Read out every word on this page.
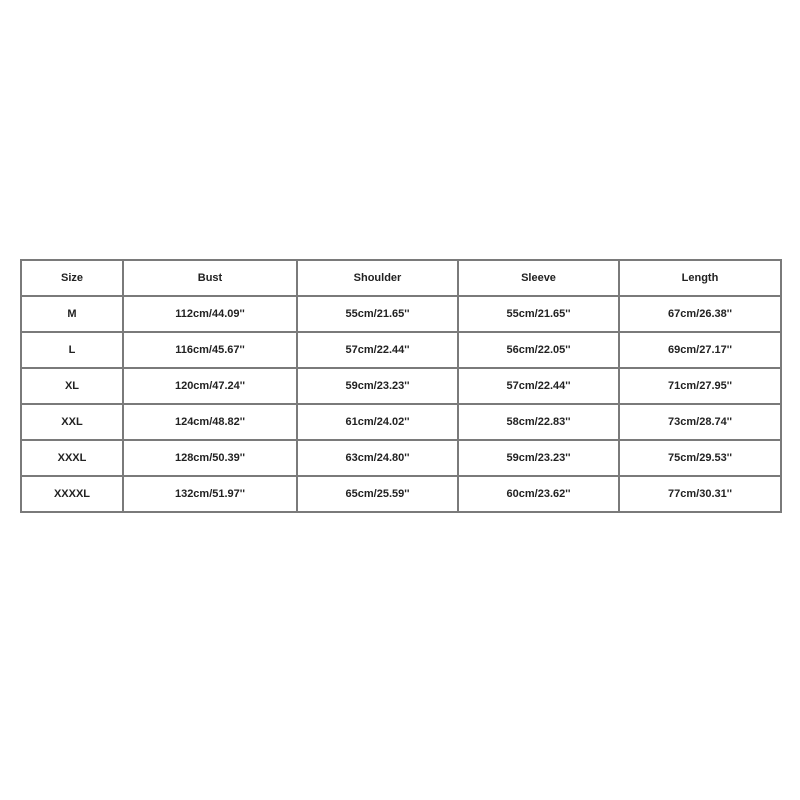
Size	Bust	Shoulder	Sleeve	Length
M	112cm/44.09''	55cm/21.65''	55cm/21.65''	67cm/26.38''
L	116cm/45.67''	57cm/22.44''	56cm/22.05''	69cm/27.17''
XL	120cm/47.24''	59cm/23.23''	57cm/22.44''	71cm/27.95''
XXL	124cm/48.82''	61cm/24.02''	58cm/22.83''	73cm/28.74''
XXXL	128cm/50.39''	63cm/24.80''	59cm/23.23''	75cm/29.53''
XXXXL	132cm/51.97''	65cm/25.59''	60cm/23.62''	77cm/30.31''
